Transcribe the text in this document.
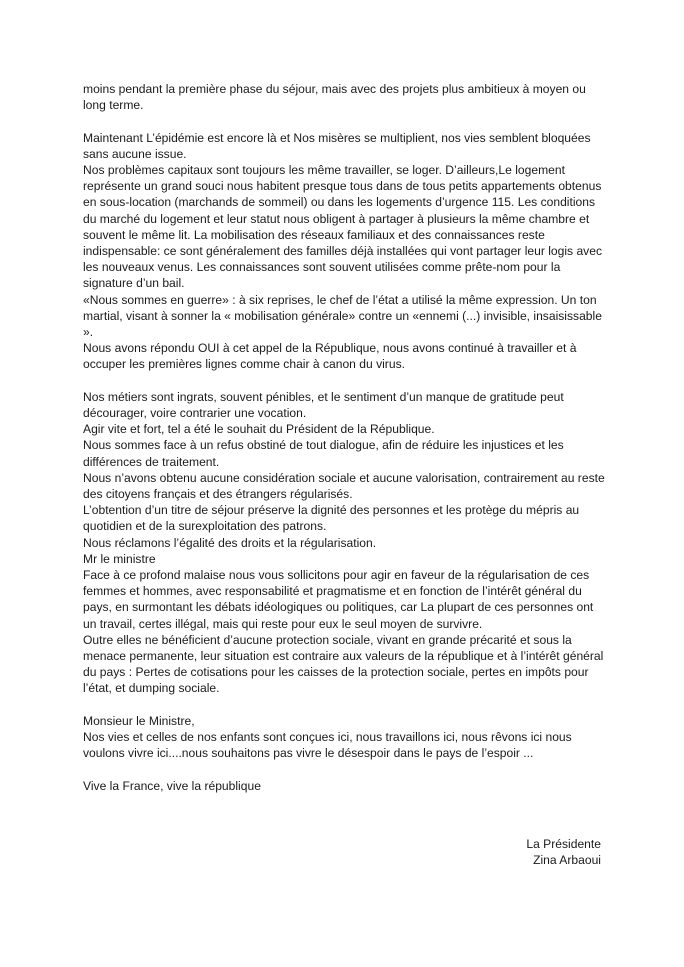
moins pendant la première phase du séjour, mais avec des projets plus ambitieux à moyen ou
long terme.
Maintenant L’épidémie est encore là et Nos misères se multiplient, nos vies semblent bloquées
sans aucune issue.
Nos problèmes capitaux sont toujours les même travailler, se loger. D’ailleurs,Le logement
représente un grand souci nous habitent presque tous dans de tous petits appartements obtenus
en sous-location (marchands de sommeil) ou dans les logements d’urgence 115. Les conditions
du marché du logement et leur statut nous obligent à partager à plusieurs la même chambre et
souvent le même lit. La mobilisation des réseaux familiaux et des connaissances reste
indispensable: ce sont généralement des familles déjà installées qui vont partager leur logis avec
les nouveaux venus. Les connaissances sont souvent utilisées comme prête-nom pour la
signature d’un bail.
«Nous sommes en guerre» : à six reprises, le chef de l’état a utilisé la même expression. Un ton
martial, visant à sonner la « mobilisation générale» contre un «ennemi (...) invisible, insaisissable
».
Nous avons répondu OUI à cet appel de la République, nous avons continué à travailler et à
occuper les premières lignes comme chair à canon du virus.
Nos métiers sont ingrats, souvent pénibles, et le sentiment d’un manque de gratitude peut
décourager, voire contrarier une vocation.
Agir vite et fort, tel a été le souhait du Président de la République.
Nous sommes face à un refus obstiné de tout dialogue, afin de réduire les injustices et les
différences de traitement.
Nous n’avons obtenu aucune considération sociale et aucune valorisation, contrairement au reste
des citoyens français et des étrangers régularisés.
L’obtention d’un titre de séjour préserve la dignité des personnes et les protège du mépris au
quotidien et de la surexploitation des patrons.
Nous réclamons l’égalité des droits et la régularisation.
Mr le ministre
Face à ce profond malaise nous vous sollicitons pour agir en faveur de la régularisation de ces
femmes et hommes, avec responsabilité et pragmatisme et en fonction de l’intérêt général du
pays, en surmontant les débats idéologiques ou politiques, car La plupart de ces personnes ont
un travail, certes illégal, mais qui reste pour eux le seul moyen de survivre.
Outre elles ne bénéficient d’aucune protection sociale, vivant en grande précarité et sous la
menace permanente, leur situation est contraire aux valeurs de la république et à l’intérêt général
du pays : Pertes de cotisations pour les caisses de la protection sociale, pertes en impôts pour
l’état, et dumping sociale.
Monsieur le Ministre,
Nos vies et celles de nos enfants sont conçues ici, nous travaillons ici, nous rêvons ici nous
voulons vivre ici....nous souhaitons pas vivre le désespoir dans le pays de l’espoir ...
Vive la France, vive la république
La Présidente
Zina Arbaoui
